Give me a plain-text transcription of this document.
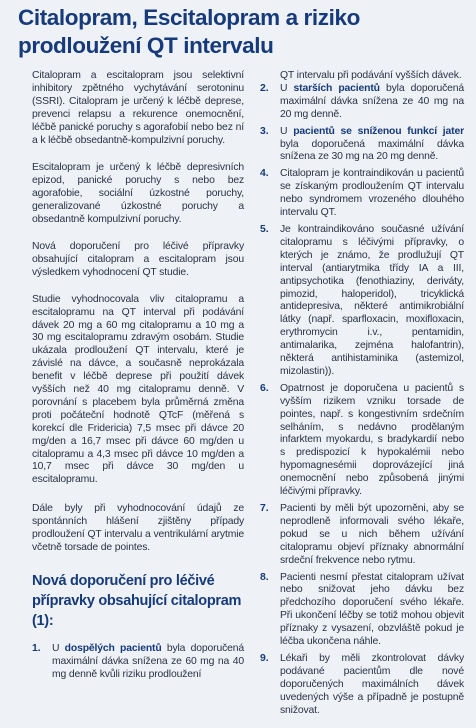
Citalopram, Escitalopram a riziko prodloužení QT intervalu

Citalopram a escitalopram jsou selektivní inhibitory zpětného vychytávání serotoninu (SSRI). Citalopram je určený k léčbě deprese, prevenci relapsu a rekurence onemocnění, léčbě panické poruchy s agorafobií nebo bez ní a k léčbě obsedantně-kompulzivní poruchy.

Escitalopram je určený k léčbě depresivních epizod, panické poruchy s nebo bez agorafobie, sociální úzkostné poruchy, generalizované úzkostné poruchy a obsedantně kompulzivní poruchy.

Nová doporučení pro léčivé přípravky obsahující citalopram a escitalopram jsou výsledkem vyhodnocení QT studie.

Studie vyhodnocovala vliv citalopramu a escitalopramu na QT interval při podávání dávek 20 mg a 60 mg citalopramu a 10 mg a 30 mg escitalopramu zdravým osobám. Studie ukázala prodloužení QT intervalu, které je závislé na dávce, a současně neprokázala benefit v léčbě deprese při použití dávek vyšších než 40 mg citalopramu denně. V porovnání s placebem byla průměrná změna proti počáteční hodnotě QTcF (měřená s korekcí dle Fridericia) 7,5 msec při dávce 20 mg/den a 16,7 msec při dávce 60 mg/den u citalopramu a 4,3 msec při dávce 10 mg/den a 10,7 msec při dávce 30 mg/den u escitalopramu.

Dále byly při vyhodnocování údajů ze spontánních hlášení zjištěny případy prodloužení QT intervalu a ventrikulární arytmie včetně torsade de pointes.

Nová doporučení pro léčivé přípravky obsahující citalopram (1):
1. U dospělých pacientů byla doporučená maximální dávka snížena ze 60 mg na 40 mg denně kvůli riziku prodloužení

QT intervalu při podávání vyšších dávek.

2. U starších pacientů byla doporučená maximální dávka snížena ze 40 mg na 20 mg denně.

3. U pacientů se sníženou funkcí jater byla doporučená maximální dávka snížena ze 30 mg na 20 mg denně.

4. Citalopram je kontraindikován u pacientů se získaným prodloužením QT intervalu nebo syndromem vrozeného dlouhého intervalu QT.

5. Je kontraindikováno současné užívání citalopramu s léčivými přípravky, o kterých je známo, že prodlužují QT interval (antiarytmika třídy IA a III, antipsychotika (fenothiaziny, deriváty, pimozid, haloperidol), tricyklická antidepresiva, některé antimikrobiální látky (např. sparfloxacin, moxifloxacin, erythromycin i.v., pentamidin, antimalarika, zejména halofantrin), některá antihistaminika (astemizol, mizolastin)).

6. Opatrnost je doporučena u pacientů s vyšším rizikem vzniku torsade de pointes, např. s kongestivním srdečním selháním, s nedávno prodělaným infarktem myokardu, s bradykardií nebo s predispozicí k hypokalémii nebo hypomagnesémii doprovázející jiná onemocnění nebo způsobená jinými léčivými přípravky.

7. Pacienti by měli být upozorněni, aby se neprodleně informovali svého lékaře, pokud se u nich během užívání citalopramu objeví příznaky abnormální srdeční frekvence nebo rytmu.

8. Pacienti nesmí přestat citalopram užívat nebo snižovat jeho dávku bez předchozího doporučení svého lékaře. Při ukončení léčby se totiž mohou objevit příznaky z vysazení, obzvláště pokud je léčba ukončena náhle.

9. Lékaři by měli zkontrolovat dávky podávané pacientům dle nové doporučených maximálních dávek uvedených výše a případně je postupně snižovat.
